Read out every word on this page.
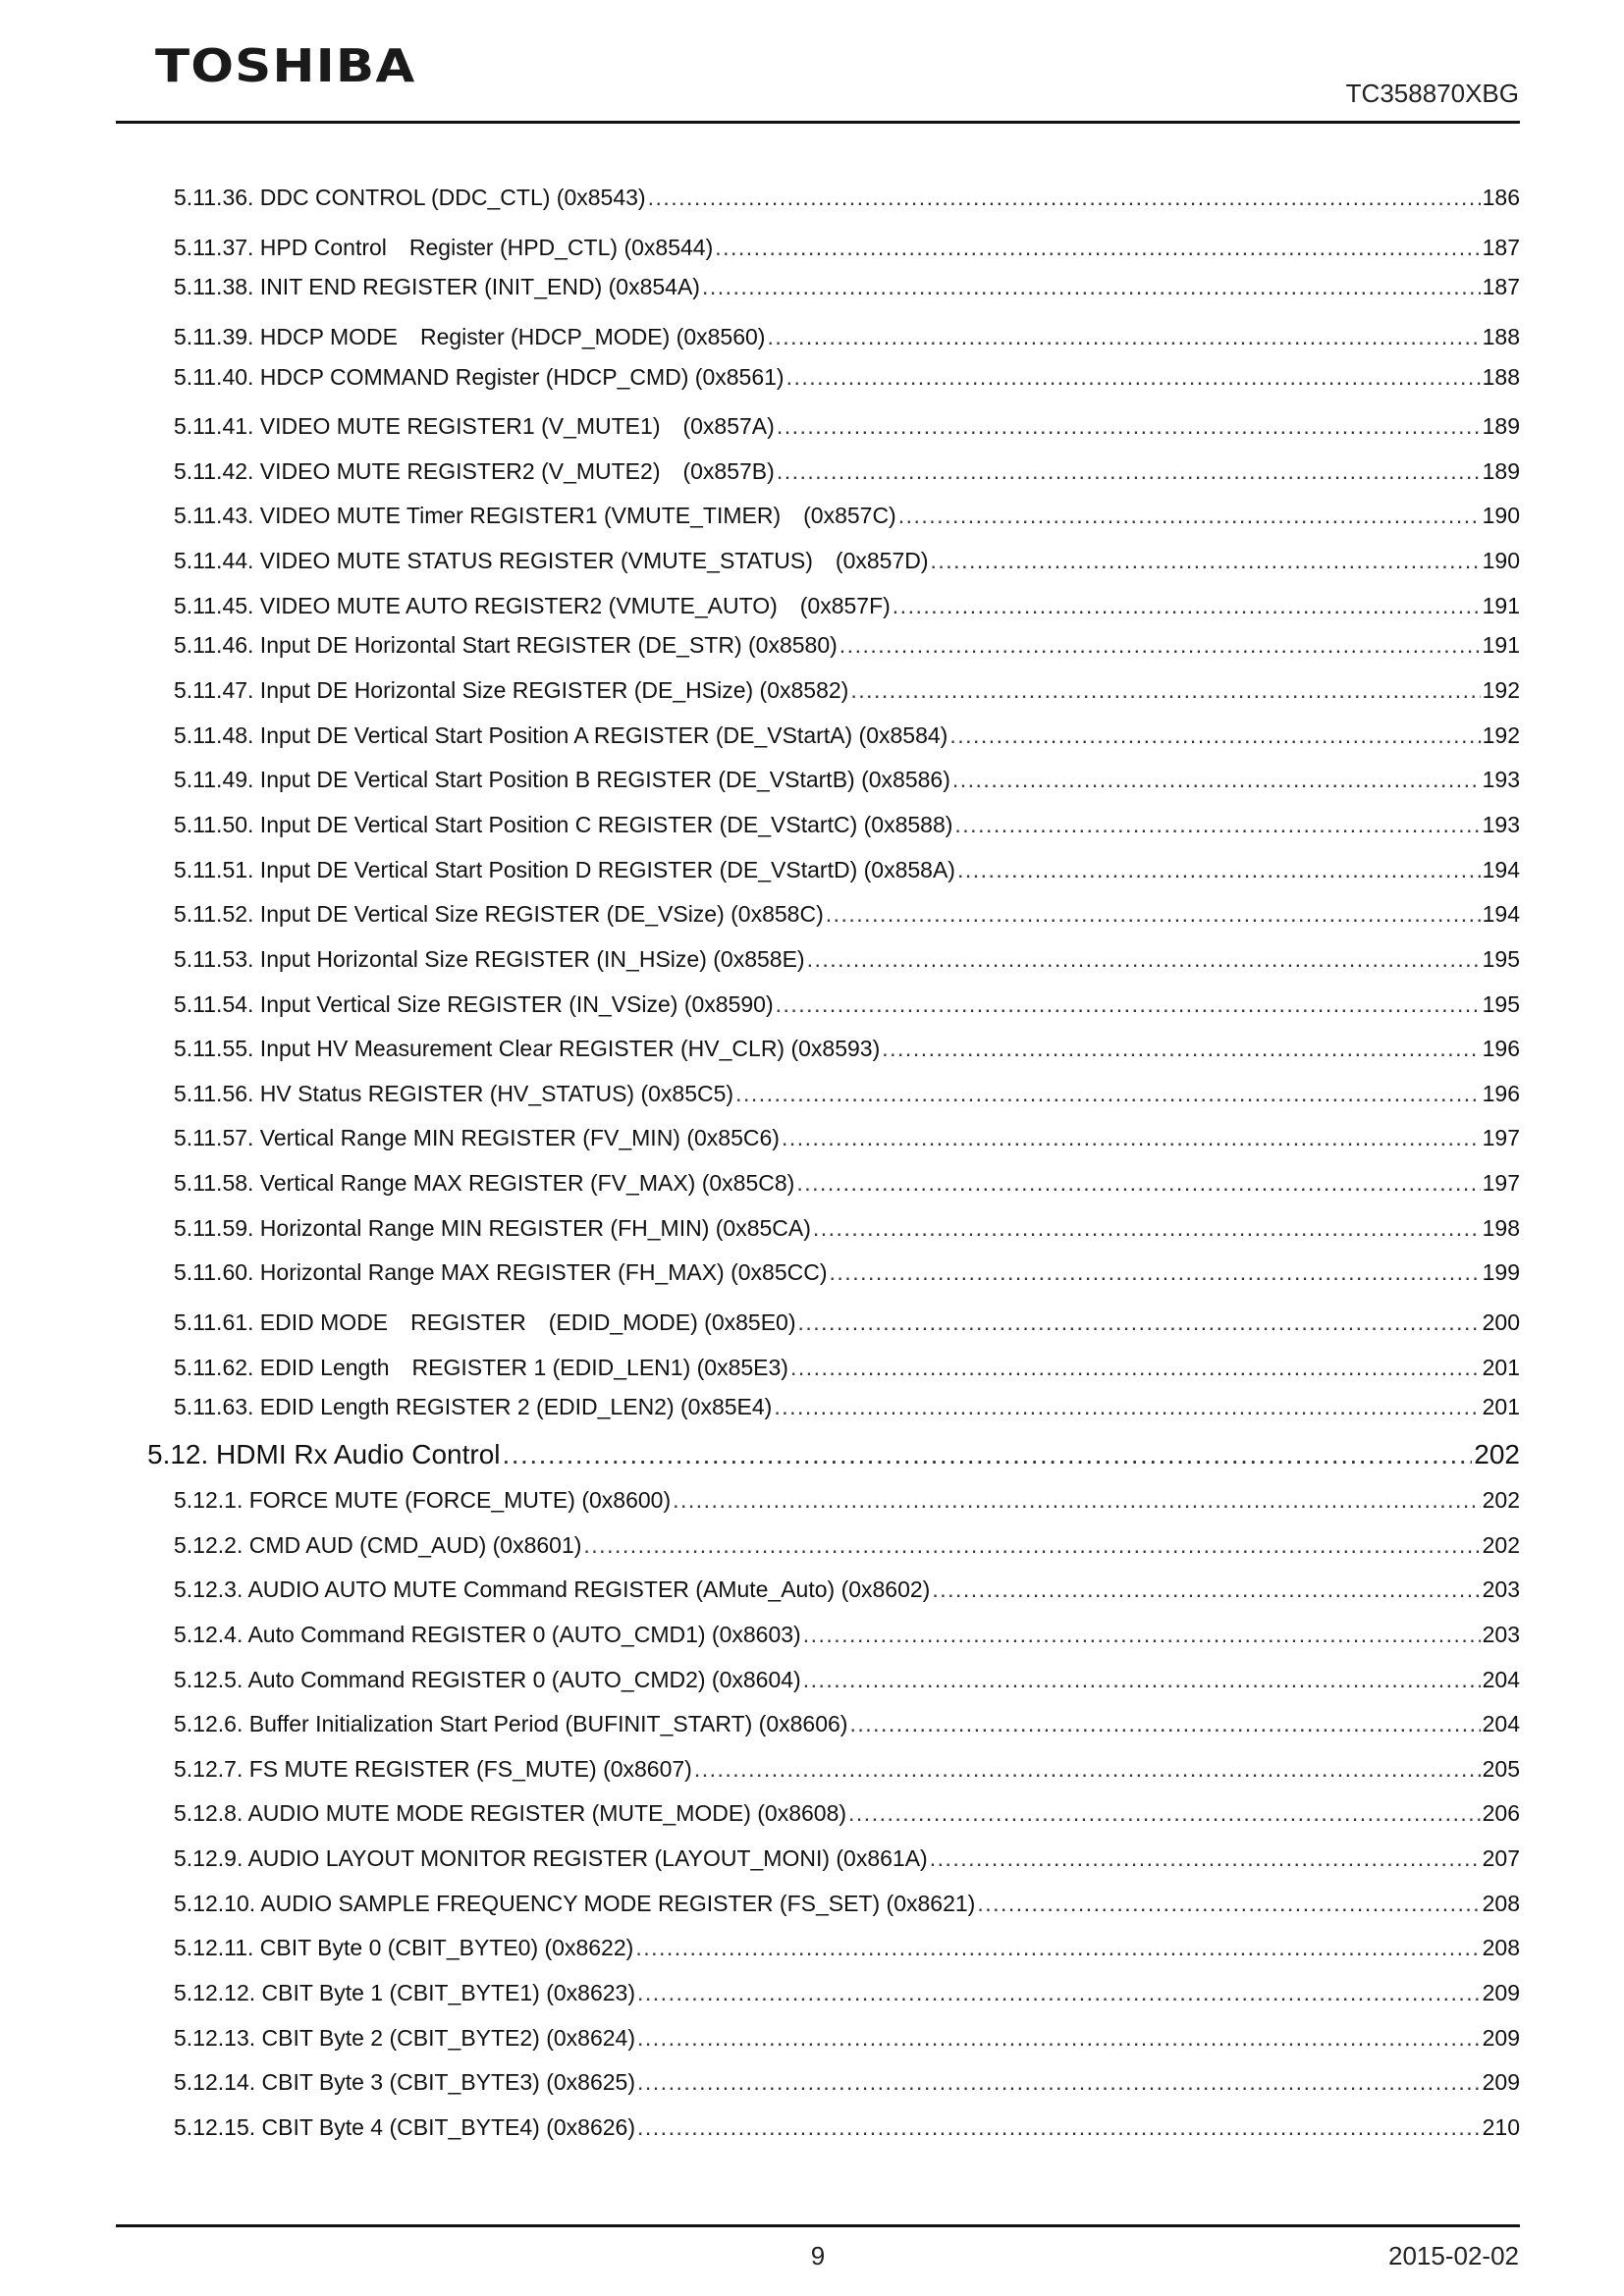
TOSHIBA
TC358870XBG
5.11.36. DDC CONTROL (DDC_CTL) (0x8543) .....	186
5.11.37. HPD Control　Register (HPD_CTL) (0x8544) .....	187
5.11.38. INIT END REGISTER (INIT_END) (0x854A) .....	187
5.11.39. HDCP MODE　Register (HDCP_MODE) (0x8560) .....	188
5.11.40. HDCP COMMAND Register (HDCP_CMD) (0x8561) .....	188
5.11.41. VIDEO MUTE REGISTER1 (V_MUTE1)　(0x857A) .....	189
5.11.42. VIDEO MUTE REGISTER2 (V_MUTE2)　(0x857B) .....	189
5.11.43. VIDEO MUTE Timer REGISTER1 (VMUTE_TIMER)　(0x857C) .....	190
5.11.44. VIDEO MUTE STATUS REGISTER (VMUTE_STATUS)　(0x857D) .....	190
5.11.45. VIDEO MUTE AUTO REGISTER2 (VMUTE_AUTO)　(0x857F) .....	191
5.11.46. Input DE Horizontal Start REGISTER (DE_STR) (0x8580) .....	191
5.11.47. Input DE Horizontal Size REGISTER (DE_HSize) (0x8582) .....	192
5.11.48. Input DE Vertical Start Position A REGISTER (DE_VStartA) (0x8584) .....	192
5.11.49. Input DE Vertical Start Position B REGISTER (DE_VStartB) (0x8586) .....	193
5.11.50. Input DE Vertical Start Position C REGISTER (DE_VStartC) (0x8588) .....	193
5.11.51. Input DE Vertical Start Position D REGISTER (DE_VStartD) (0x858A) .....	194
5.11.52. Input DE Vertical Size REGISTER (DE_VSize) (0x858C) .....	194
5.11.53. Input Horizontal Size REGISTER (IN_HSize) (0x858E) .....	195
5.11.54. Input Vertical Size REGISTER (IN_VSize) (0x8590) .....	195
5.11.55. Input HV Measurement Clear REGISTER (HV_CLR) (0x8593) .....	196
5.11.56. HV Status REGISTER (HV_STATUS) (0x85C5) .....	196
5.11.57. Vertical Range MIN REGISTER (FV_MIN) (0x85C6) .....	197
5.11.58. Vertical Range MAX REGISTER (FV_MAX) (0x85C8) .....	197
5.11.59. Horizontal Range MIN REGISTER (FH_MIN) (0x85CA) .....	198
5.11.60. Horizontal Range MAX REGISTER (FH_MAX) (0x85CC) .....	199
5.11.61. EDID MODE　REGISTER　(EDID_MODE) (0x85E0) .....	200
5.11.62. EDID Length　REGISTER 1 (EDID_LEN1) (0x85E3) .....	201
5.11.63. EDID Length REGISTER 2 (EDID_LEN2) (0x85E4) .....	201
5.12. HDMI Rx Audio Control .....	202
5.12.1. FORCE MUTE (FORCE_MUTE) (0x8600) .....	202
5.12.2. CMD AUD (CMD_AUD) (0x8601) .....	202
5.12.3. AUDIO AUTO MUTE Command REGISTER (AMute_Auto) (0x8602) .....	203
5.12.4. Auto Command REGISTER 0 (AUTO_CMD1) (0x8603) .....	203
5.12.5. Auto Command REGISTER 0 (AUTO_CMD2) (0x8604) .....	204
5.12.6. Buffer Initialization Start Period (BUFINIT_START) (0x8606) .....	204
5.12.7. FS MUTE REGISTER (FS_MUTE) (0x8607) .....	205
5.12.8. AUDIO MUTE MODE REGISTER (MUTE_MODE) (0x8608) .....	206
5.12.9. AUDIO LAYOUT MONITOR REGISTER (LAYOUT_MONI) (0x861A) .....	207
5.12.10. AUDIO SAMPLE FREQUENCY MODE REGISTER (FS_SET) (0x8621) .....	208
5.12.11. CBIT Byte 0 (CBIT_BYTE0) (0x8622) .....	208
5.12.12. CBIT Byte 1 (CBIT_BYTE1) (0x8623) .....	209
5.12.13. CBIT Byte 2 (CBIT_BYTE2) (0x8624) .....	209
5.12.14. CBIT Byte 3 (CBIT_BYTE3) (0x8625) .....	209
5.12.15. CBIT Byte 4 (CBIT_BYTE4) (0x8626) .....	210
9	2015-02-02
